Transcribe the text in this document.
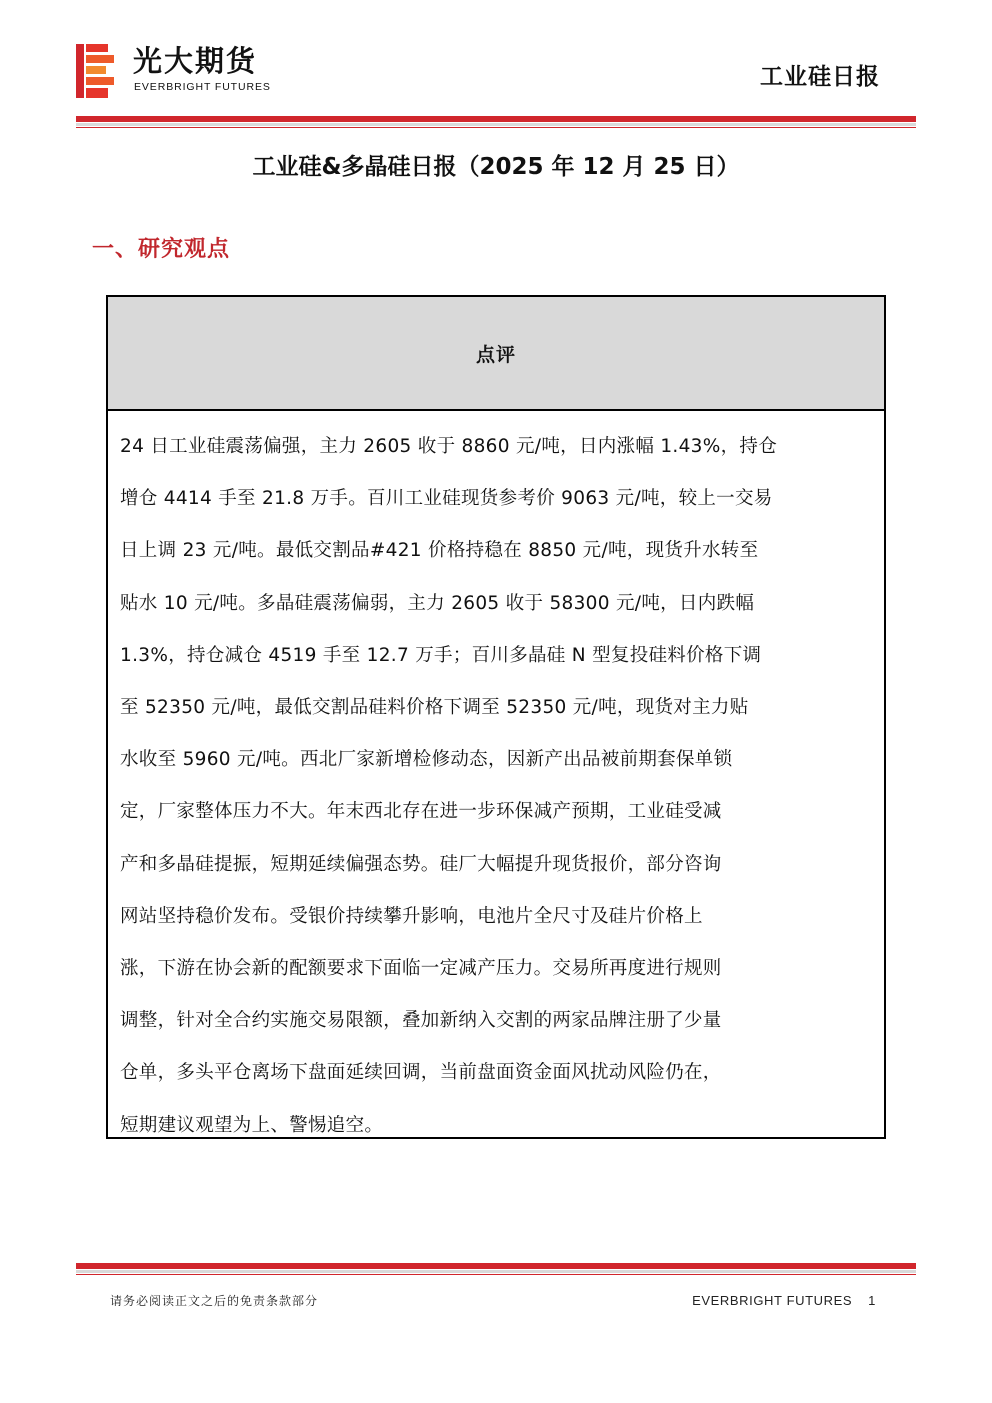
光大期货
EVERBRIGHT FUTURES	工业硅日报
工业硅&多晶硅日报（2025 年 12 月 25 日）
一、研究观点
点评
24 日工业硅震荡偏强，主力 2605 收于 8860 元/吨，日内涨幅 1.43%，持仓
增仓 4414 手至 21.8 万手。百川工业硅现货参考价 9063 元/吨，较上一交易
日上调 23 元/吨。最低交割品#421 价格持稳在 8850 元/吨，现货升水转至
贴水 10 元/吨。多晶硅震荡偏弱，主力 2605 收于 58300 元/吨，日内跌幅
1.3%，持仓减仓 4519 手至 12.7 万手；百川多晶硅 N 型复投硅料价格下调
至 52350 元/吨，最低交割品硅料价格下调至 52350 元/吨，现货对主力贴
水收至 5960 元/吨。西北厂家新增检修动态，因新产出品被前期套保单锁
定，厂家整体压力不大。年末西北存在进一步环保减产预期，工业硅受减
产和多晶硅提振，短期延续偏强态势。硅厂大幅提升现货报价，部分咨询
网站坚持稳价发布。受银价持续攀升影响，电池片全尺寸及硅片价格上
涨，下游在协会新的配额要求下面临一定减产压力。交易所再度进行规则
调整，针对全合约实施交易限额，叠加新纳入交割的两家品牌注册了少量
仓单，多头平仓离场下盘面延续回调，当前盘面资金面风扰动风险仍在，
短期建议观望为上、警惕追空。
请务必阅读正文之后的免责条款部分	EVERBRIGHT FUTURES 1
